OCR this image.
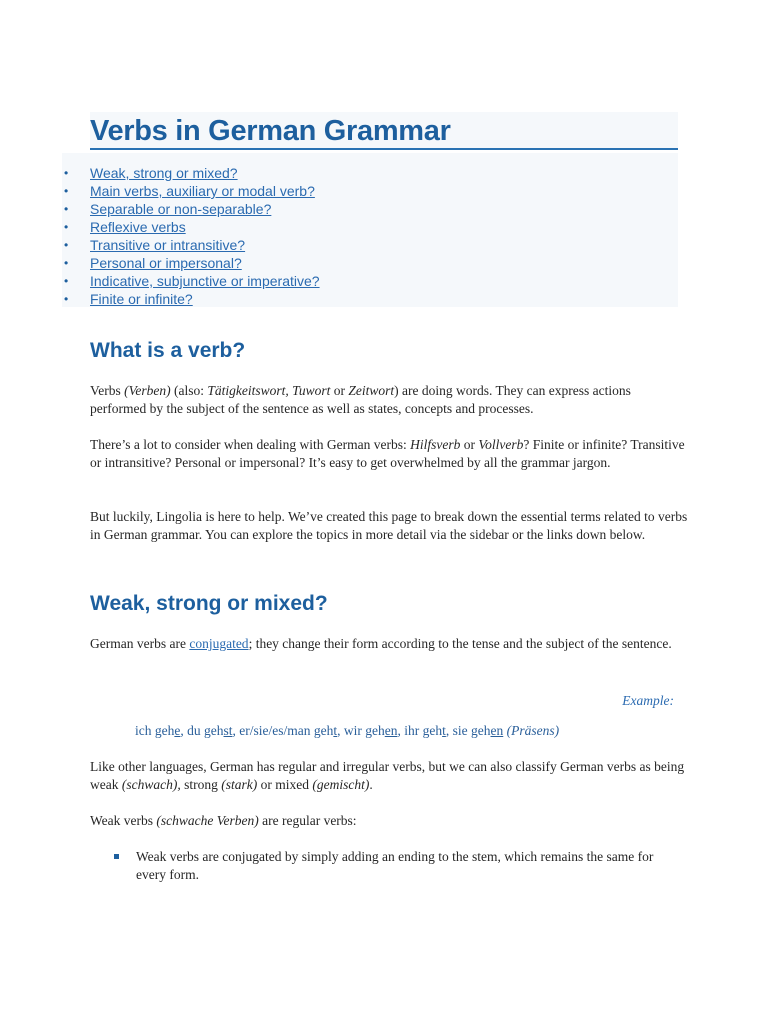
Verbs in German Grammar
• Weak, strong or mixed?
• Main verbs, auxiliary or modal verb?
• Separable or non-separable?
• Reflexive verbs
• Transitive or intransitive?
• Personal or impersonal?
• Indicative, subjunctive or imperative?
• Finite or infinite?
What is a verb?

Verbs (Verben) (also: Tätigkeitswort, Tuwort or Zeitwort) are doing words. They can express actions performed by the subject of the sentence as well as states, concepts and processes.

There’s a lot to consider when dealing with German verbs: Hilfsverb or Vollverb? Finite or infinite? Transitive or intransitive? Personal or impersonal? It’s easy to get overwhelmed by all the grammar jargon.

But luckily, Lingolia is here to help. We’ve created this page to break down the essential terms related to verbs in German grammar. You can explore the topics in more detail via the sidebar or the links down below.

Weak, strong or mixed?

German verbs are conjugated; they change their form according to the tense and the subject of the sentence.

Example:
ich gehe, du gehst, er/sie/es/man geht, wir gehen, ihr geht, sie gehen (Präsens)

Like other languages, German has regular and irregular verbs, but we can also classify German verbs as being weak (schwach), strong (stark) or mixed (gemischt).

Weak verbs (schwache Verben) are regular verbs:

Weak verbs are conjugated by simply adding an ending to the stem, which remains the same for every form.
